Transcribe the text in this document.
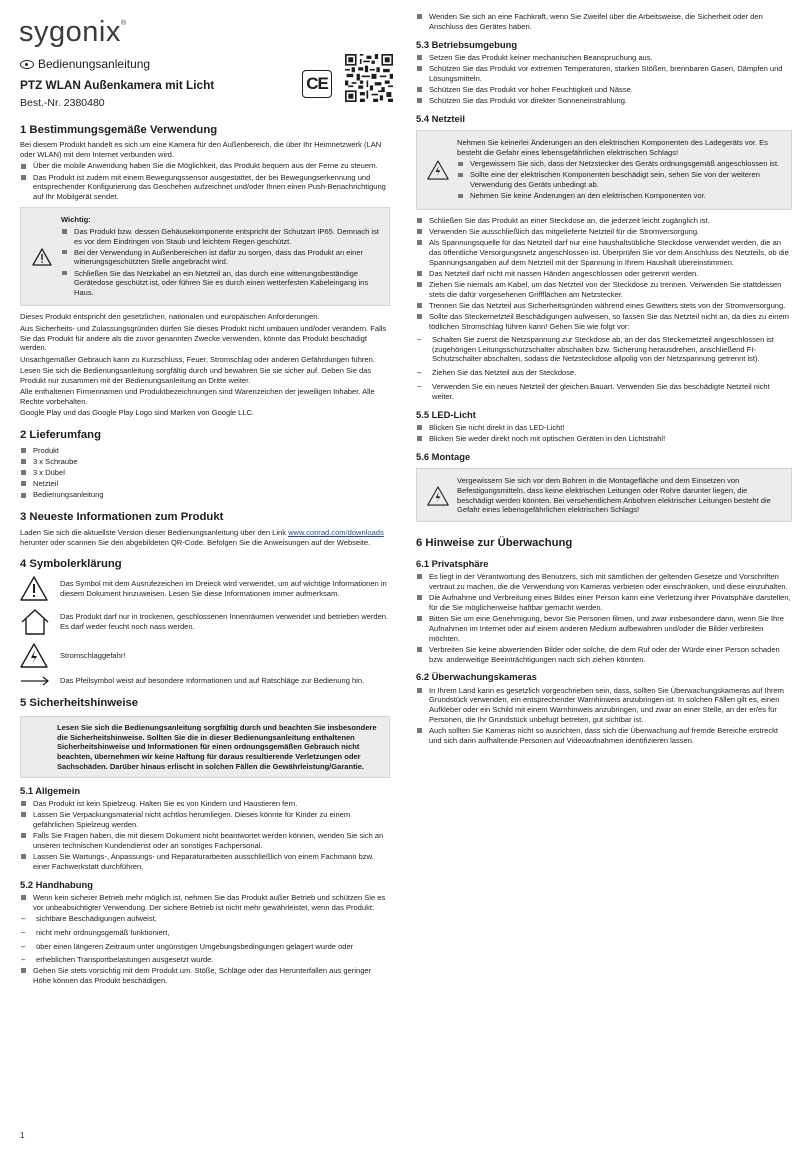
sygonix®
Bedienungsanleitung
PTZ WLAN Außenkamera mit Licht
Best.-Nr. 2380480
CE
1 Bestimmungsgemäße Verwendung

Bei diesem Produkt handelt es sich um eine Kamera für den Außenbereich, die über Ihr Heimnetzwerk (LAN oder WLAN) mit dem Internet verbunden wird.

Über die mobile Anwendung haben Sie die Möglichkeit, das Produkt bequem aus der Ferne zu steuern.
Das Produkt ist zudem mit einem Bewegungssensor ausgestattet, der bei Bewegungserkennung und entsprechender Konfigurierung das Geschehen aufzeichnet und/oder Ihnen einen Push-Benachrichtigung auf Ihr Mobilgerät sendet.
Wichtig:
Das Produkt bzw. dessen Gehäusekomponente entspricht der Schutzart IP65. Demnach ist es vor dem Eindringen von Staub und leichtem Regen geschützt.
Bei der Verwendung in Außenbereichen ist dafür zu sorgen, dass das Produkt an einer witterungsgeschützten Stelle angebracht wird.
Schließen Sie das Netzkabel an ein Netzteil an, das durch eine witterungsbeständige Gerätedose geschützt ist, oder führen Sie es durch einen wetterfesten Kabeleingang ins Haus.

Dieses Produkt entspricht den gesetzlichen, nationalen und europäischen Anforderungen.

Aus Sicherheits- und Zulassungsgründen dürfen Sie dieses Produkt nicht umbauen und/oder verändern. Falls Sie das Produkt für andere als die zuvor genannten Zwecke verwenden, könnte das Produkt beschädigt werden.

Unsachgemäßer Gebrauch kann zu Kurzschluss, Feuer, Stromschlag oder anderen Gefährdungen führen.

Lesen Sie sich die Bedienungsanleitung sorgfältig durch und bewahren Sie sie sicher auf. Geben Sie das Produkt nur zusammen mit der Bedienungsanleitung an Dritte weiter.

Alle enthaltenen Firmennamen und Produktbezeichnungen sind Warenzeichen der jeweiligen Inhaber. Alle Rechte vorbehalten.

Google Play und das Google Play Logo sind Marken von Google LLC.

2 Lieferumfang
Produkt
3 x Schraube
3 x Dübel
Netzteil
Bedienungsanleitung
3 Neueste Informationen zum Produkt

Laden Sie sich die aktuellste Version dieser Bedienungsanleitung über den Link www.conrad.com/downloads herunter oder scannen Sie den abgebildeten QR-Code. Befolgen Sie die Anweisungen auf der Webseite.

4 Symbolerklärung
Das Symbol mit dem Ausrufezeichen im Dreieck wird verwendet, um auf wichtige Informationen in diesem Dokument hinzuweisen. Lesen Sie diese Informationen immer aufmerksam.
Das Produkt darf nur in trockenen, geschlossenen Innenräumen verwendet und betrieben werden. Es darf weder feucht noch nass werden.
Stromschlaggefahr!
Das Pfeilsymbol weist auf besondere Informationen und auf Ratschläge zur Bedienung hin.
5 Sicherheitshinweise
Lesen Sie sich die Bedienungsanleitung sorgfältig durch und beachten Sie insbesondere die Sicherheitshinweise. Sollten Sie die in dieser Bedienungsanleitung enthaltenen Sicherheitshinweise und Informationen für einen ordnungsgemäßen Gebrauch nicht beachten, übernehmen wir keine Haftung für daraus resultierende Verletzungen oder Sachschäden. Darüber hinaus erlischt in solchen Fällen die Gewährleistung/Garantie.
5.1 Allgemein
Das Produkt ist kein Spielzeug. Halten Sie es von Kindern und Haustieren fern.
Lassen Sie Verpackungsmaterial nicht achtlos herumliegen. Dieses könnte für Kinder zu einem gefährlichen Spielzeug werden.
Falls Sie Fragen haben, die mit diesem Dokument nicht beantwortet werden können, wenden Sie sich an unseren technischen Kundendienst oder an sonstiges Fachpersonal.
Lassen Sie Wartungs-, Anpassungs- und Reparaturarbeiten ausschließlich von einem Fachmann bzw. einer Fachwerkstatt durchführen.
5.2 Handhabung
Wenn kein sicherer Betrieb mehr möglich ist, nehmen Sie das Produkt außer Betrieb und schützen Sie es vor unbeabsichtigter Verwendung. Der sichere Betrieb ist nicht mehr gewährleistet, wenn das Produkt:
– sichtbare Beschädigungen aufweist,
– nicht mehr ordnungsgemäß funktioniert,
– über einen längeren Zeitraum unter ungünstigen Umgebungsbedingungen gelagert wurde oder
– erheblichen Transportbelastungen ausgesetzt wurde.
Gehen Sie stets vorsichtig mit dem Produkt um. Stöße, Schläge oder das Herunterfallen aus geringer Höhe können das Produkt beschädigen.
1
Wenden Sie sich an eine Fachkraft, wenn Sie Zweifel über die Arbeitsweise, die Sicherheit oder den Anschluss des Gerätes haben.
5.3 Betriebsumgebung
Setzen Sie das Produkt keiner mechanischen Beanspruchung aus.
Schützen Sie das Produkt vor extremen Temperaturen, starken Stößen, brennbaren Gasen, Dämpfen und Lösungsmitteln.
Schützen Sie das Produkt vor hoher Feuchtigkeit und Nässe.
Schützen Sie das Produkt vor direkter Sonneneinstrahlung.
5.4 Netzteil

Nehmen Sie keinerlei Änderungen an den elektrischen Komponenten des Ladegeräts vor. Es besteht die Gefahr eines lebensgefährlichen elektrischen Schlags!

Vergewissern Sie sich, dass der Netzstecker des Geräts ordnungsgemäß angeschlossen ist.
Sollte eine der elektrischen Komponenten beschädigt sein, sehen Sie von der weiteren Verwendung des Geräts unbedingt ab.
Nehmen Sie keine Änderungen an den elektrischen Komponenten vor.
Schließen Sie das Produkt an einer Steckdose an, die jederzeit leicht zugänglich ist.
Verwenden Sie ausschließlich das mitgelieferte Netzteil für die Stromversorgung.
Als Spannungsquelle für das Netzteil darf nur eine haushaltsübliche Steckdose verwendet werden, die an das öffentliche Versorgungsnetz angeschlossen ist. Überprüfen Sie vor dem Anschluss des Netzteils, ob die Spannungsangaben auf dem Netzteil mit der Spannung in Ihrem Haushalt übereinstimmen.
Das Netzteil darf nicht mit nassen Händen angeschlossen oder getrennt werden.
Ziehen Sie niemals am Kabel, um das Netzteil von der Steckdose zu trennen. Verwenden Sie stattdessen stets die dafür vorgesehenen Griffflächen am Netzstecker.
Trennen Sie das Netzteil aus Sicherheitsgründen während eines Gewitters stets von der Stromversorgung.
Sollte das Steckernetzteil Beschädigungen aufweisen, so fassen Sie das Netzteil nicht an, da dies zu einem tödlichen Stromschlag führen kann! Gehen Sie wie folgt vor:
– Schalten Sie zuerst die Netzspannung zur Steckdose ab, an der das Steckernetzteil angeschlossen ist (zugehörigen Leitungsschutzschalter abschalten bzw. Sicherung herausdrehen, anschließend FI-Schutzschalter abschalten, sodass die Netzsteckdose allpolig von der Netzspannung getrennt ist).
– Ziehen Sie das Netzteil aus der Steckdose.
– Verwenden Sie ein neues Netzteil der gleichen Bauart. Verwenden Sie das beschädigte Netzteil nicht weiter.
5.5 LED-Licht
Blicken Sie nicht direkt in das LED-Licht!
Blicken Sie weder direkt noch mit optischen Geräten in den Lichtstrahl!
5.6 Montage
Vergewissern Sie sich vor dem Bohren in die Montagefläche und dem Einsetzen von Befestigungsmitteln, dass keine elektrischen Leitungen oder Rohre darunter liegen, die beschädigt werden könnten. Bei versehentlichem Anbohren elektrischer Leitungen besteht die Gefahr eines lebensgefährlichen elektrischen Schlags!
6 Hinweise zur Überwachung
6.1 Privatsphäre
Es liegt in der Verantwortung des Benutzers, sich mit sämtlichen der geltenden Gesetze und Vorschriften vertraut zu machen, die die Verwendung von Kameras verbieten oder einschränken, und diese einzuhalten.
Die Aufnahme und Verbreitung eines Bildes einer Person kann eine Verletzung ihrer Privatsphäre darstellen, für die Sie möglicherweise haftbar gemacht werden.
Bitten Sie um eine Genehmigung, bevor Sie Personen filmen, und zwar insbesondere dann, wenn Sie Ihre Aufnahmen im Internet oder auf einem anderen Medium aufbewahren und/oder die Bilder verbreiten möchten.
Verbreiten Sie keine abwertenden Bilder oder solche, die dem Ruf oder der Würde einer Person schaden bzw. anderweitige Beeinträchtigungen nach sich ziehen könnten.
6.2 Überwachungskameras
In Ihrem Land kann es gesetzlich vorgeschrieben sein, dass, sollten Sie Überwachungskameras auf Ihrem Grundstück verwenden, ein entsprechender Warnhinweis anzubringen ist. In solchen Fällen gilt es, einen Aufkleber oder ein Schild mit einem Warnhinweis anzubringen, und zwar an einer Stelle, an der er/es für Personen, die Ihr Grundstück unbefugt betreten, gut sichtbar ist.
Auch sollten Sie Kameras nicht so ausrichten, dass sich die Überwachung auf fremde Bereiche erstreckt und sich darin aufhaltende Personen auf Videoaufnahmen identifizieren lassen.
